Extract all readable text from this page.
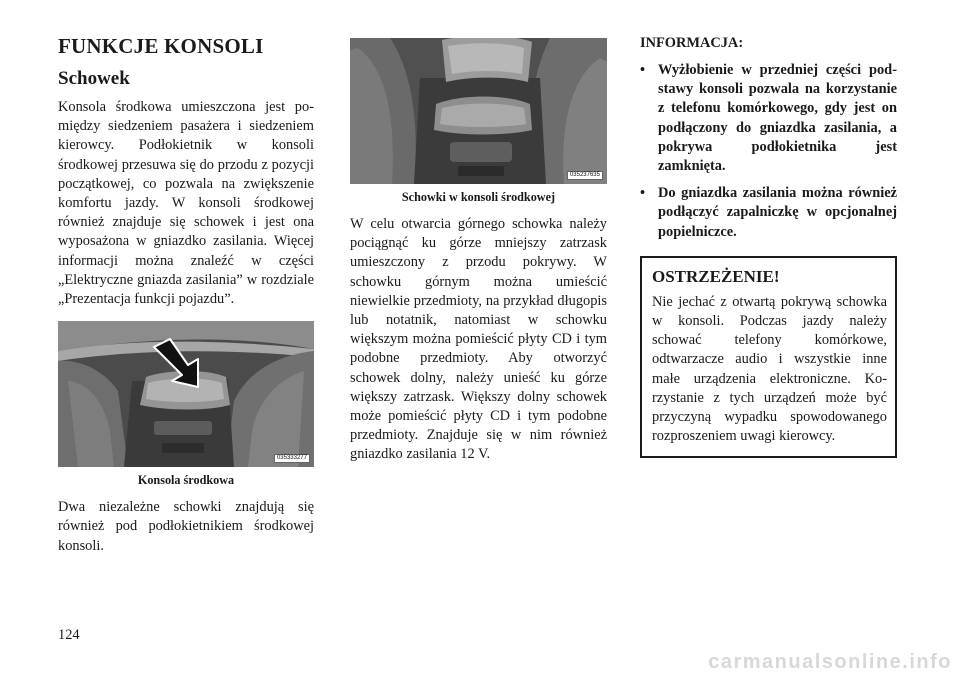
FUNKCJE KONSOLI
Schowek

Konsola środkowa umieszczona jest pomiędzy siedzeniem pasażera i siedzeniem kierowcy. Podłokietnik w konsoli środkowej przesuwa się do przodu z pozycji początkowej, co pozwala na zwiększenie komfortu jazdy. W konsoli środkowej również znajduje się schowek i jest ona wyposażona w gniazdko zasilania. Więcej informacji można znaleźć w części „Elektryczne gniazda zasilania” w rozdziale „Prezentacja funkcji pojazdu”.

035333277
Konsola środkowa

Dwa niezależne schowki znajdują się również pod podłokietnikiem środkowej konsoli.

035237635
Schowki w konsoli środkowej

W celu otwarcia górnego schowka należy pociągnąć ku górze mniejszy zatrzask umieszczony z przodu pokrywy. W schowku górnym można umieścić niewielkie przedmioty, na przykład długopis lub notatnik, natomiast w schowku większym można pomieścić płyty CD i tym podobne przedmioty. Aby otworzyć schowek dolny, należy unieść ku górze większy zatrzask. Większy dolny schowek może pomieścić płyty CD i tym podobne przedmioty. Znajduje się w nim również gniazdko zasilania 12 V.

INFORMACJA:
• Wyżłobienie w przedniej części podstawy konsoli pozwala na korzystanie z telefonu komórkowego, gdy jest on podłączony do gniazdka zasilania, a pokrywa podłokietnika jest zamknięta.
• Do gniazdka zasilania można również podłączyć zapalniczkę w opcjonalnej popielniczce.
OSTRZEŻENIE!

Nie jechać z otwartą pokrywą schowka w konsoli. Podczas jazdy należy schować telefony komórkowe, odtwarzacze audio i wszystkie inne małe urządzenia elektroniczne. Korzystanie z tych urządzeń może być przyczyną wypadku spowodowanego rozproszeniem uwagi kierowcy.

124
carmanualsonline.info
